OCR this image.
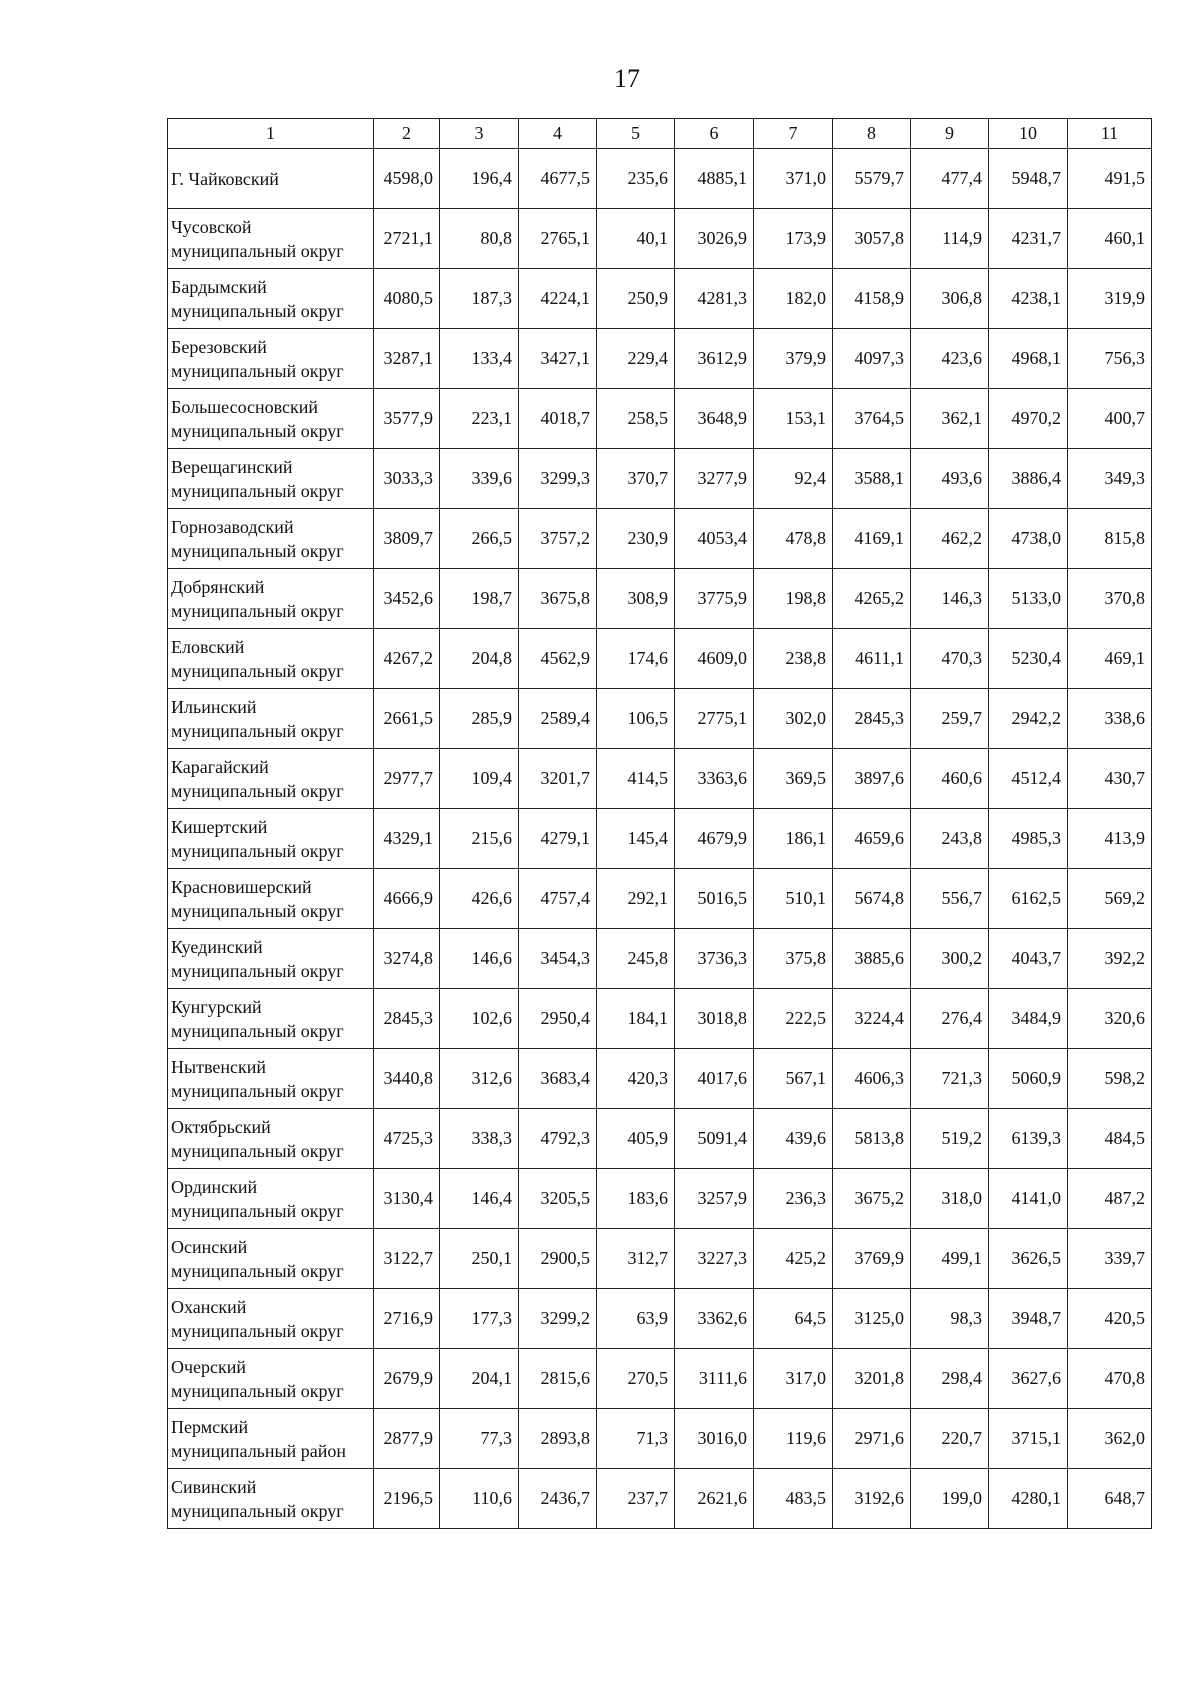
17
1	2	3	4	5	6	7	8	9	10	11
Г. Чайковский	4598,0	196,4	4677,5	235,6	4885,1	371,0	5579,7	477,4	5948,7	491,5
Чусовской
муниципальный округ	2721,1	80,8	2765,1	40,1	3026,9	173,9	3057,8	114,9	4231,7	460,1
Бардымский
муниципальный округ	4080,5	187,3	4224,1	250,9	4281,3	182,0	4158,9	306,8	4238,1	319,9
Березовский
муниципальный округ	3287,1	133,4	3427,1	229,4	3612,9	379,9	4097,3	423,6	4968,1	756,3
Большесосновский
муниципальный округ	3577,9	223,1	4018,7	258,5	3648,9	153,1	3764,5	362,1	4970,2	400,7
Верещагинский
муниципальный округ	3033,3	339,6	3299,3	370,7	3277,9	92,4	3588,1	493,6	3886,4	349,3
Горнозаводский
муниципальный округ	3809,7	266,5	3757,2	230,9	4053,4	478,8	4169,1	462,2	4738,0	815,8
Добрянский
муниципальный округ	3452,6	198,7	3675,8	308,9	3775,9	198,8	4265,2	146,3	5133,0	370,8
Еловский
муниципальный округ	4267,2	204,8	4562,9	174,6	4609,0	238,8	4611,1	470,3	5230,4	469,1
Ильинский
муниципальный округ	2661,5	285,9	2589,4	106,5	2775,1	302,0	2845,3	259,7	2942,2	338,6
Карагайский
муниципальный округ	2977,7	109,4	3201,7	414,5	3363,6	369,5	3897,6	460,6	4512,4	430,7
Кишертский
муниципальный округ	4329,1	215,6	4279,1	145,4	4679,9	186,1	4659,6	243,8	4985,3	413,9
Красновишерский
муниципальный округ	4666,9	426,6	4757,4	292,1	5016,5	510,1	5674,8	556,7	6162,5	569,2
Куединский
муниципальный округ	3274,8	146,6	3454,3	245,8	3736,3	375,8	3885,6	300,2	4043,7	392,2
Кунгурский
муниципальный округ	2845,3	102,6	2950,4	184,1	3018,8	222,5	3224,4	276,4	3484,9	320,6
Нытвенский
муниципальный округ	3440,8	312,6	3683,4	420,3	4017,6	567,1	4606,3	721,3	5060,9	598,2
Октябрьский
муниципальный округ	4725,3	338,3	4792,3	405,9	5091,4	439,6	5813,8	519,2	6139,3	484,5
Ординский
муниципальный округ	3130,4	146,4	3205,5	183,6	3257,9	236,3	3675,2	318,0	4141,0	487,2
Осинский
муниципальный округ	3122,7	250,1	2900,5	312,7	3227,3	425,2	3769,9	499,1	3626,5	339,7
Оханский
муниципальный округ	2716,9	177,3	3299,2	63,9	3362,6	64,5	3125,0	98,3	3948,7	420,5
Очерский
муниципальный округ	2679,9	204,1	2815,6	270,5	3111,6	317,0	3201,8	298,4	3627,6	470,8
Пермский
муниципальный район	2877,9	77,3	2893,8	71,3	3016,0	119,6	2971,6	220,7	3715,1	362,0
Сивинский
муниципальный округ	2196,5	110,6	2436,7	237,7	2621,6	483,5	3192,6	199,0	4280,1	648,7
